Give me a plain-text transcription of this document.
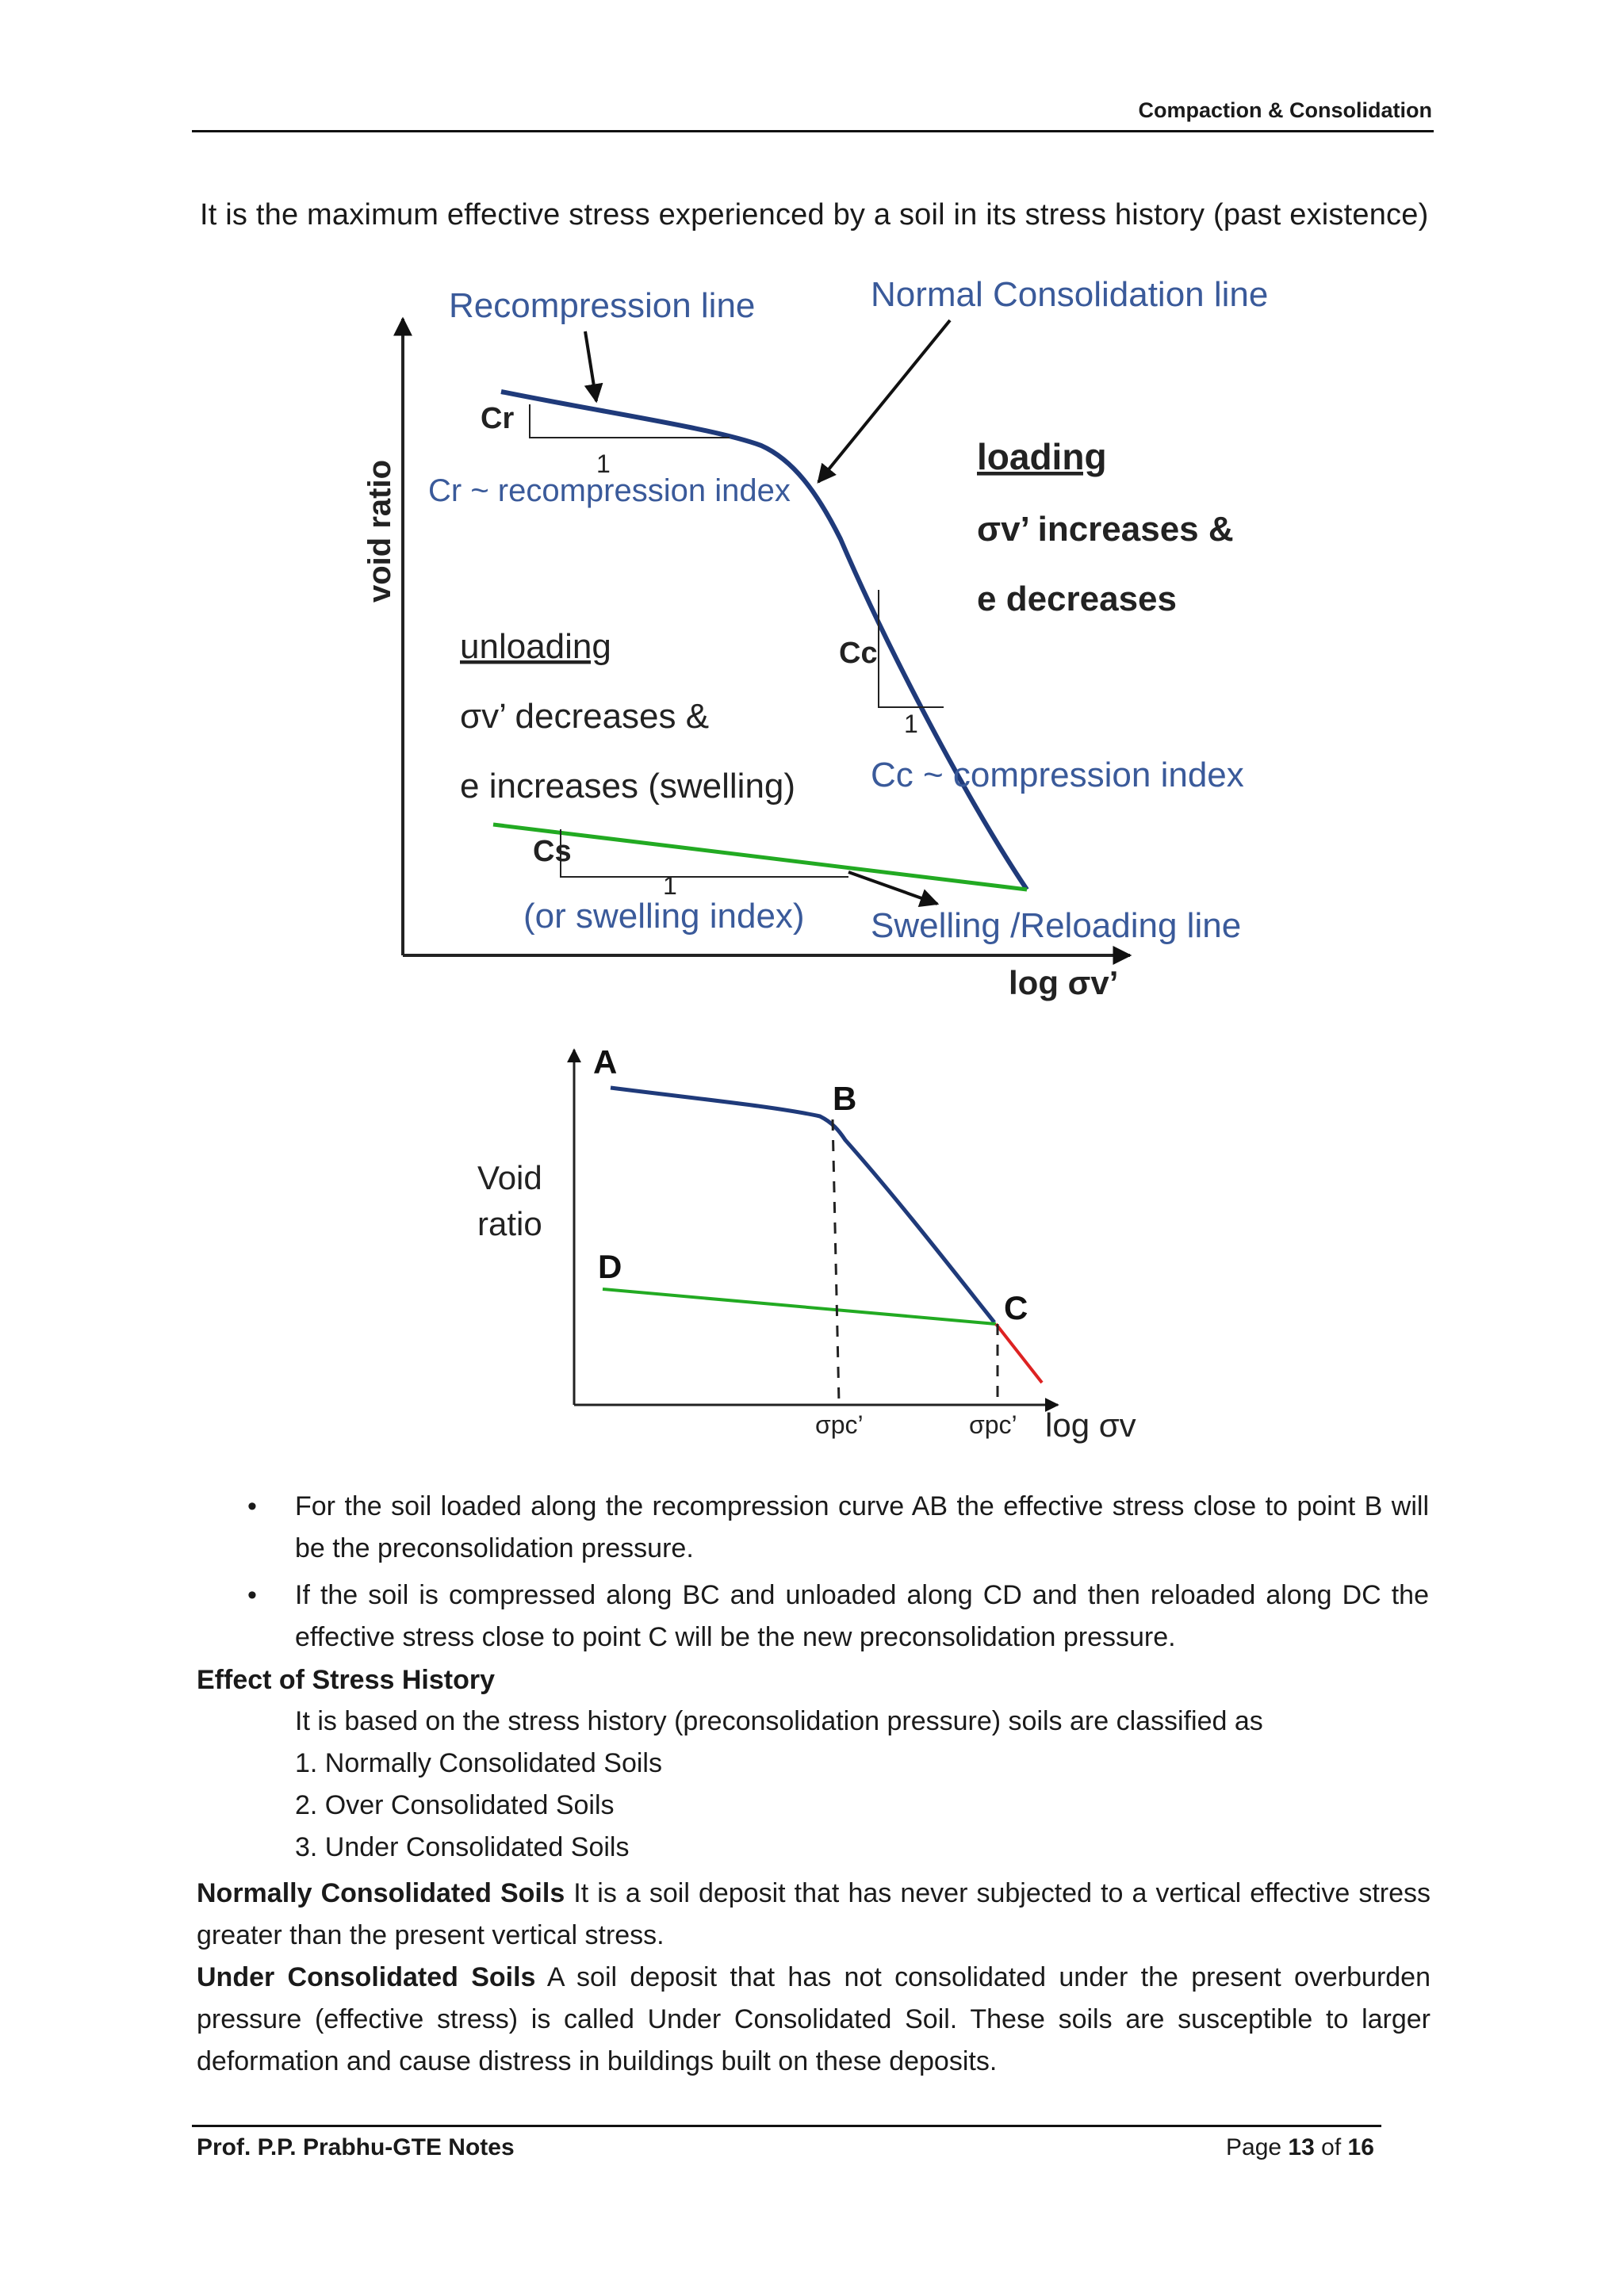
Compaction & Consolidation
It is the maximum effective stress experienced by a soil in its stress history (past existence)
Recompression line	Normal Consolidation line
void ratio
Cr
1
Cr ~ recompression index
loading
σv’ increases &
e decreases
unloading
σv’ decreases &
e increases (swelling)
Cc
1
Cc ~ compression index
Cs
1
(or swelling index) Swelling /Reloading line
log σv’
A
B
C
D
Void
ratio
σpc’	σpc’ log σv
• For the soil loaded along the recompression curve AB the effective stress close to point B will be the preconsolidation pressure.
• If the soil is compressed along BC and unloaded along CD and then reloaded along DC the effective stress close to point C will be the new preconsolidation pressure.
Effect of Stress History
It is based on the stress history (preconsolidation pressure) soils are classified as
1. Normally Consolidated Soils
2. Over Consolidated Soils
3. Under Consolidated Soils
Normally Consolidated Soils It is a soil deposit that has never subjected to a vertical effective stress greater than the present vertical stress.
Under Consolidated Soils A soil deposit that has not consolidated under the present overburden pressure (effective stress) is called Under Consolidated Soil. These soils are susceptible to larger deformation and cause distress in buildings built on these deposits.
Prof. P.P. Prabhu-GTE Notes	Page 13 of 16
